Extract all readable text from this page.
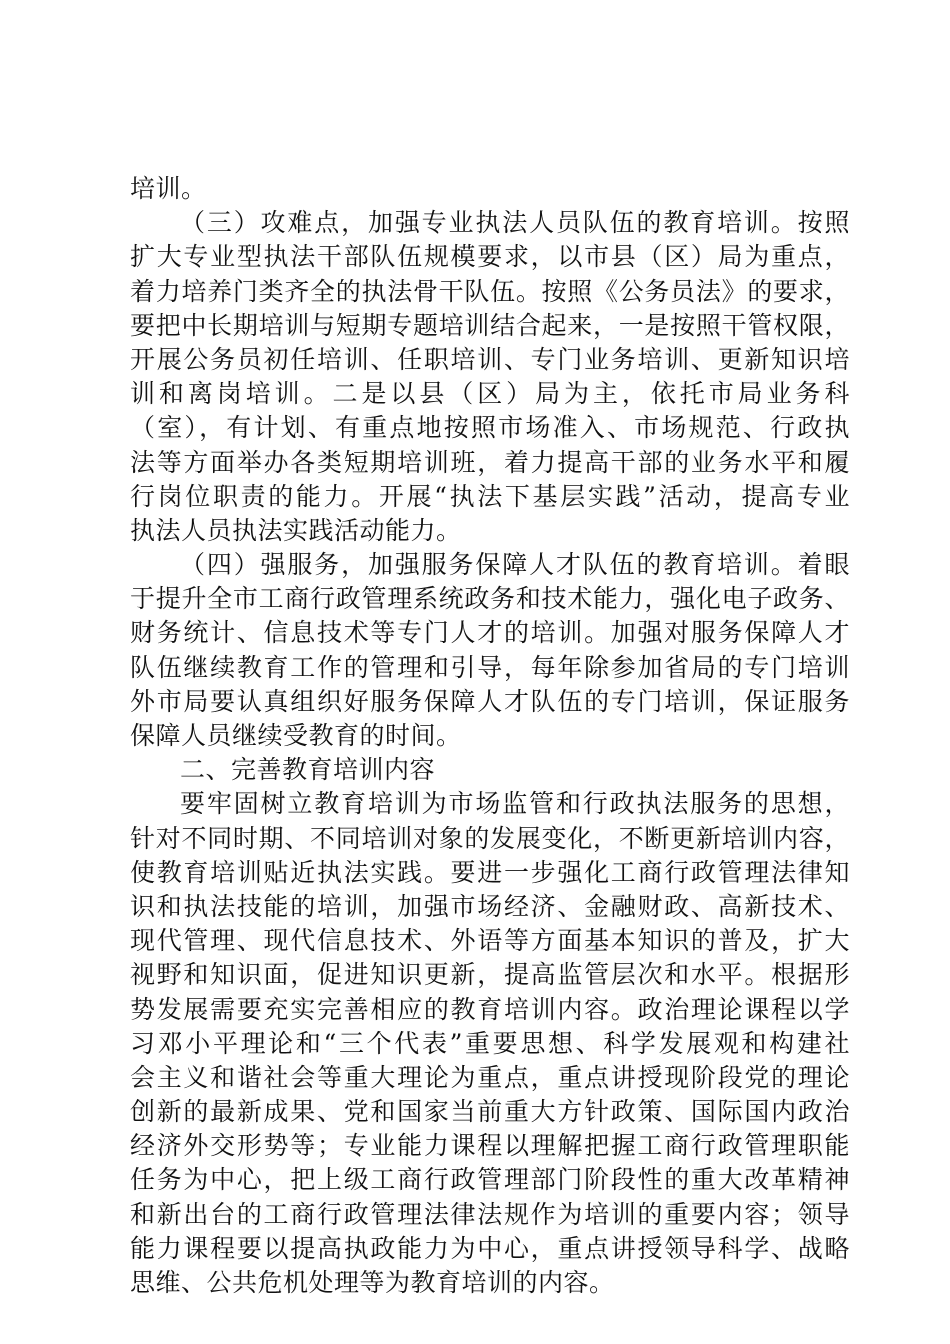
培训。
（三）攻难点，加强专业执法人员队伍的教育培训。按照
扩大专业型执法干部队伍规模要求，以市县（区）局为重点，
着力培养门类齐全的执法骨干队伍。按照《公务员法》的要求，
要把中长期培训与短期专题培训结合起来，一是按照干管权限，
开展公务员初任培训、任职培训、专门业务培训、更新知识培
训和离岗培训。二是以县（区）局为主，依托市局业务科
（室），有计划、有重点地按照市场准入、市场规范、行政执
法等方面举办各类短期培训班，着力提高干部的业务水平和履
行岗位职责的能力。开展“执法下基层实践”活动，提高专业
执法人员执法实践活动能力。
（四）强服务，加强服务保障人才队伍的教育培训。着眼
于提升全市工商行政管理系统政务和技术能力，强化电子政务、
财务统计、信息技术等专门人才的培训。加强对服务保障人才
队伍继续教育工作的管理和引导，每年除参加省局的专门培训
外市局要认真组织好服务保障人才队伍的专门培训，保证服务
保障人员继续受教育的时间。
二、完善教育培训内容
要牢固树立教育培训为市场监管和行政执法服务的思想，
针对不同时期、不同培训对象的发展变化，不断更新培训内容，
使教育培训贴近执法实践。要进一步强化工商行政管理法律知
识和执法技能的培训，加强市场经济、金融财政、高新技术、
现代管理、现代信息技术、外语等方面基本知识的普及，扩大
视野和知识面，促进知识更新，提高监管层次和水平。根据形
势发展需要充实完善相应的教育培训内容。政治理论课程以学
习邓小平理论和“三个代表”重要思想、科学发展观和构建社
会主义和谐社会等重大理论为重点，重点讲授现阶段党的理论
创新的最新成果、党和国家当前重大方针政策、国际国内政治
经济外交形势等；专业能力课程以理解把握工商行政管理职能
任务为中心，把上级工商行政管理部门阶段性的重大改革精神
和新出台的工商行政管理法律法规作为培训的重要内容；领导
能力课程要以提高执政能力为中心，重点讲授领导科学、战略
思维、公共危机处理等为教育培训的内容。
